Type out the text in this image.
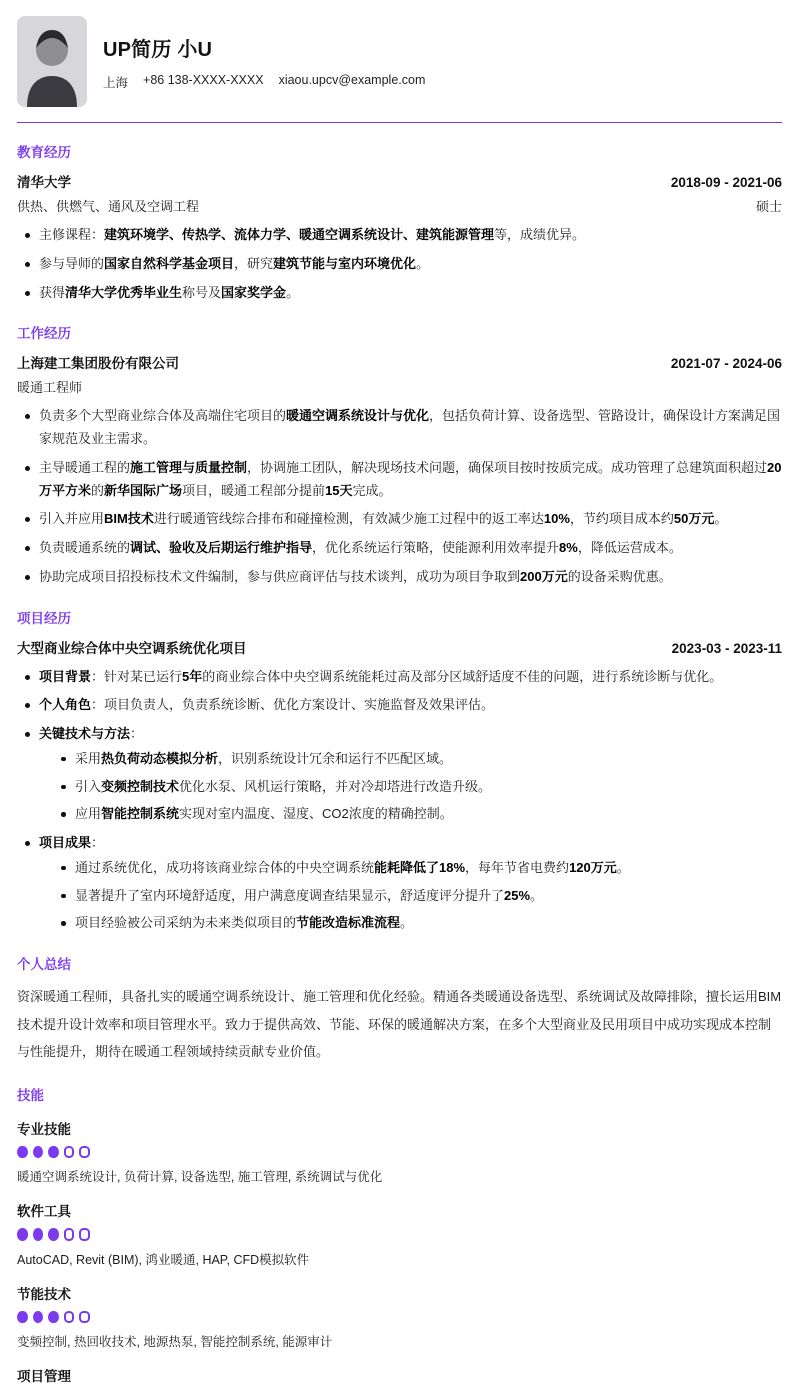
UP简历 小U
上海 +86 138-XXXX-XXXX xiaou.upcv@example.com
教育经历
清华大学	2018-09 - 2021-06
供热、供燃气、通风及空调工程	硕士
主修课程：建筑环境学、传热学、流体力学、暖通空调系统设计、建筑能源管理等，成绩优异。
参与导师的国家自然科学基金项目，研究建筑节能与室内环境优化。
获得清华大学优秀毕业生称号及国家奖学金。
工作经历
上海建工集团股份有限公司	2021-07 - 2024-06
暖通工程师
负责多个大型商业综合体及高端住宅项目的暖通空调系统设计与优化，包括负荷计算、设备选型、管路设计，确保设计方案满足国家规范及业主需求。
主导暖通工程的施工管理与质量控制，协调施工团队，解决现场技术问题，确保项目按时按质完成。成功管理了总建筑面积超过20万平方米的新华国际广场项目，暖通工程部分提前15天完成。
引入并应用BIM技术进行暖通管线综合排布和碰撞检测，有效减少施工过程中的返工率达10%，节约项目成本约50万元。
负责暖通系统的调试、验收及后期运行维护指导，优化系统运行策略，使能源利用效率提升8%，降低运营成本。
协助完成项目招投标技术文件编制，参与供应商评估与技术谈判，成功为项目争取到200万元的设备采购优惠。
项目经历
大型商业综合体中央空调系统优化项目	2023-03 - 2023-11
项目背景：针对某已运行5年的商业综合体中央空调系统能耗过高及部分区域舒适度不佳的问题，进行系统诊断与优化。
个人角色：项目负责人，负责系统诊断、优化方案设计、实施监督及效果评估。
关键技术与方法：
采用热负荷动态模拟分析，识别系统设计冗余和运行不匹配区域。
引入变频控制技术优化水泵、风机运行策略，并对冷却塔进行改造升级。
应用智能控制系统实现对室内温度、湿度、CO2浓度的精确控制。
项目成果：
通过系统优化，成功将该商业综合体的中央空调系统能耗降低了18%，每年节省电费约120万元。
显著提升了室内环境舒适度，用户满意度调查结果显示，舒适度评分提升了25%。
项目经验被公司采纳为未来类似项目的节能改造标准流程。
个人总结

资深暖通工程师，具备扎实的暖通空调系统设计、施工管理和优化经验。精通各类暖通设备选型、系统调试及故障排除，擅长运用BIM技术提升设计效率和项目管理水平。致力于提供高效、节能、环保的暖通解决方案，在多个大型商业及民用项目中成功实现成本控制与性能提升，期待在暖通工程领域持续贡献专业价值。

技能
专业技能
暖通空调系统设计, 负荷计算, 设备选型, 施工管理, 系统调试与优化
软件工具
AutoCAD, Revit (BIM), 鸿业暖通, HAP, CFD模拟软件
节能技术
变频控制, 热回收技术, 地源热泵, 智能控制系统, 能源审计
项目管理
